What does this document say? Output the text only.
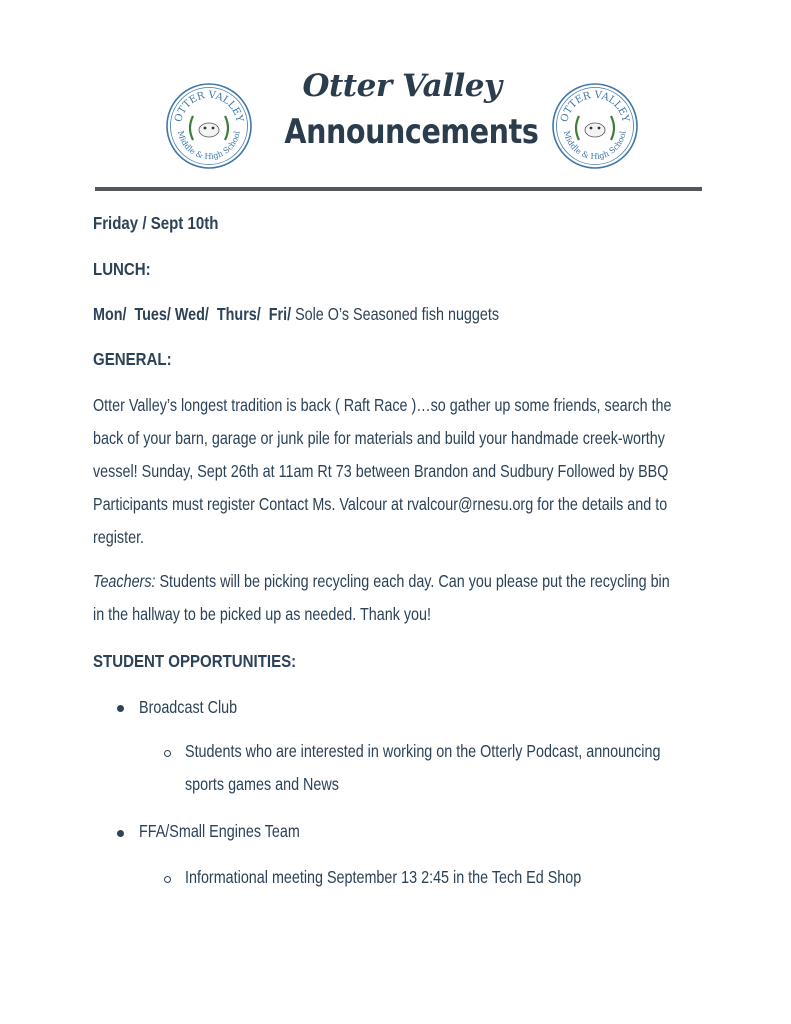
OTTER VALLEY
Middle & High School
Otter Valley
Announcements OTTER VALLEY
Middle & High School
Friday / Sept 10th
LUNCH:
Mon/ Tues/ Wed/ Thurs/ Fri/ Sole O’s Seasoned fish nuggets
GENERAL:
Otter Valley’s longest tradition is back ( Raft Race )…so gather up some friends, search the
back of your barn, garage or junk pile for materials and build your handmade creek-worthy
vessel! Sunday, Sept 26th at 11am Rt 73 between Brandon and Sudbury Followed by BBQ
Participants must register Contact Ms. Valcour at rvalcour@rnesu.org for the details and to
register.
Teachers: Students will be picking recycling each day. Can you please put the recycling bin
in the hallway to be picked up as needed. Thank you!
STUDENT OPPORTUNITIES:
Broadcast Club
Students who are interested in working on the Otterly Podcast, announcing
sports games and News
FFA/Small Engines Team
Informational meeting September 13 2:45 in the Tech Ed Shop
